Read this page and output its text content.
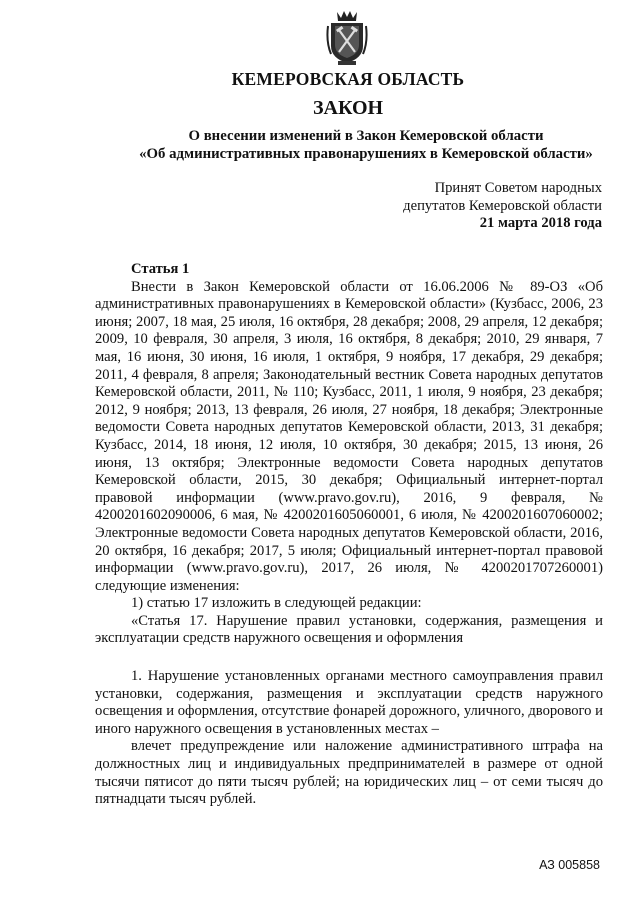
КЕМЕРОВСКАЯ ОБЛАСТЬ
ЗАКОН
О внесении изменений в Закон Кемеровской области
«Об административных правонарушениях в Кемеровской области»
Принят Советом народных
депутатов Кемеровской области
21 марта 2018 года

Статья 1

Внести в Закон Кемеровской области от 16.06.2006 № 89-ОЗ «Об административных правонарушениях в Кемеровской области» (Кузбасс, 2006, 23 июня; 2007, 18 мая, 25 июля, 16 октября, 28 декабря; 2008, 29 апреля, 12 декабря; 2009, 10 февраля, 30 апреля, 3 июля, 16 октября, 8 декабря; 2010, 29 января, 7 мая, 16 июня, 30 июня, 16 июля, 1 октября, 9 ноября, 17 декабря, 29 декабря; 2011, 4 февраля, 8 апреля; Законодательный вестник Совета народных депутатов Кемеровской области, 2011, № 110; Кузбасс, 2011, 1 июля, 9 ноября, 23 декабря; 2012, 9 ноября; 2013, 13 февраля, 26 июля, 27 ноября, 18 декабря; Электронные ведомости Совета народных депутатов Кемеровской области, 2013, 31 декабря; Кузбасс, 2014, 18 июня, 12 июля, 10 октября, 30 декабря; 2015, 13 июня, 26 июня, 13 октября; Электронные ведомости Совета народных депутатов Кемеровской области, 2015, 30 декабря; Официальный интернет-портал правовой информации (www.pravo.gov.ru), 2016, 9 февраля, № 4200201602090006, 6 мая, № 4200201605060001, 6 июля, № 4200201607060002; Электронные ведомости Совета народных депутатов Кемеровской области, 2016, 20 октября, 16 декабря; 2017, 5 июля; Официальный интернет-портал правовой информации (www.pravo.gov.ru), 2017, 26 июля, № 4200201707260001) следующие изменения:

1) статью 17 изложить в следующей редакции:

«Статья 17. Нарушение правил установки, содержания, размещения и эксплуатации средств наружного освещения и оформления

1. Нарушение установленных органами местного самоуправления правил установки, содержания, размещения и эксплуатации средств наружного освещения и оформления, отсутствие фонарей дорожного, уличного, дворового и иного наружного освещения в установленных местах –

влечет предупреждение или наложение административного штрафа на должностных лиц и индивидуальных предпринимателей в размере от одной тысячи пятисот до пяти тысяч рублей; на юридических лиц – от семи тысяч до пятнадцати тысяч рублей.

АЗ 005858
